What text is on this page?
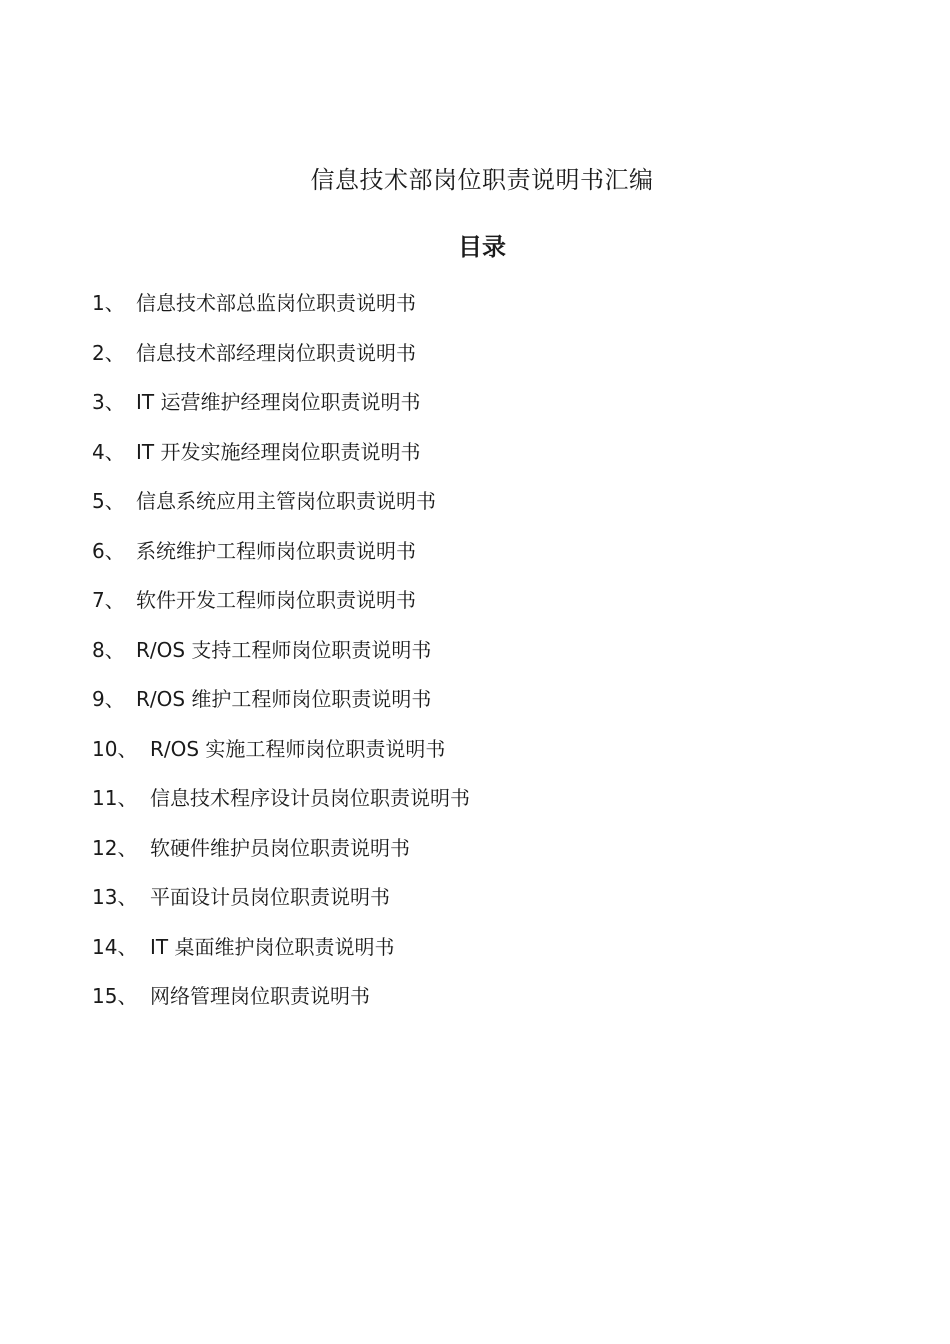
信息技术部岗位职责说明书汇编
目录
1、 信息技术部总监岗位职责说明书
2、 信息技术部经理岗位职责说明书
3、 IT 运营维护经理岗位职责说明书
4、 IT 开发实施经理岗位职责说明书
5、 信息系统应用主管岗位职责说明书
6、 系统维护工程师岗位职责说明书
7、 软件开发工程师岗位职责说明书
8、 R/OS 支持工程师岗位职责说明书
9、 R/OS 维护工程师岗位职责说明书
10、 R/OS 实施工程师岗位职责说明书
11、 信息技术程序设计员岗位职责说明书
12、 软硬件维护员岗位职责说明书
13、 平面设计员岗位职责说明书
14、 IT 桌面维护岗位职责说明书
15、 网络管理岗位职责说明书
